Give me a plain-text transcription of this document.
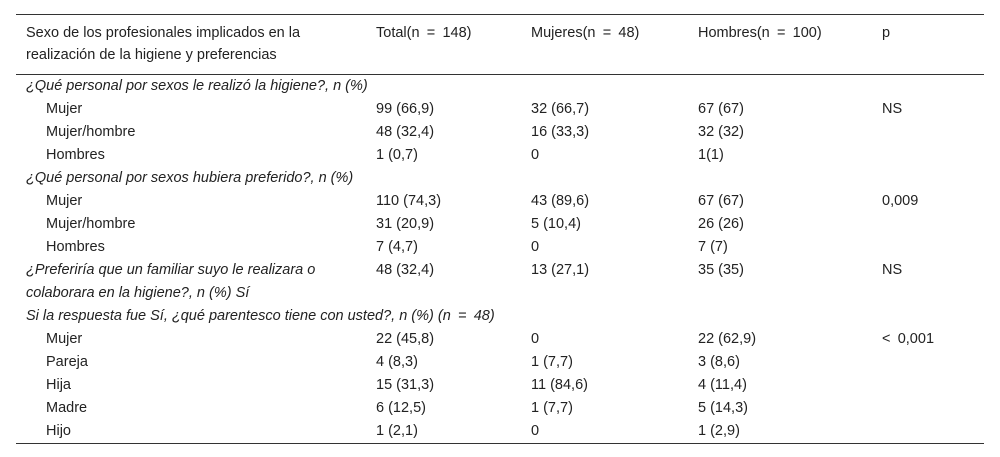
Sexo de los profesionales implicados en la realización de la higiene y preferencias	Total(n = 148)	Mujeres(n = 48)	Hombres(n = 100)	p
¿Qué personal por sexos le realizó la higiene?, n (%)				
Mujer	99 (66,9)	32 (66,7)	67 (67)	NS
Mujer/hombre	48 (32,4)	16 (33,3)	32 (32)	
Hombres	1 (0,7)	0	1(1)	
¿Qué personal por sexos hubiera preferido?, n (%)				
Mujer	110 (74,3)	43 (89,6)	67 (67)	0,009
Mujer/hombre	31 (20,9)	5 (10,4)	26 (26)	
Hombres	7 (4,7)	0	7 (7)	
¿Preferiría que un familiar suyo le realizara o colaborara en la higiene?, n (%) Sí	48 (32,4)	13 (27,1)	35 (35)	NS
Si la respuesta fue Sí, ¿qué parentesco tiene con usted?, n (%) (n = 48)				
Mujer	22 (45,8)	0	22 (62,9)	< 0,001
Pareja	4 (8,3)	1 (7,7)	3 (8,6)	
Hija	15 (31,3)	11 (84,6)	4 (11,4)	
Madre	6 (12,5)	1 (7,7)	5 (14,3)	
Hijo	1 (2,1)	0	1 (2,9)	
